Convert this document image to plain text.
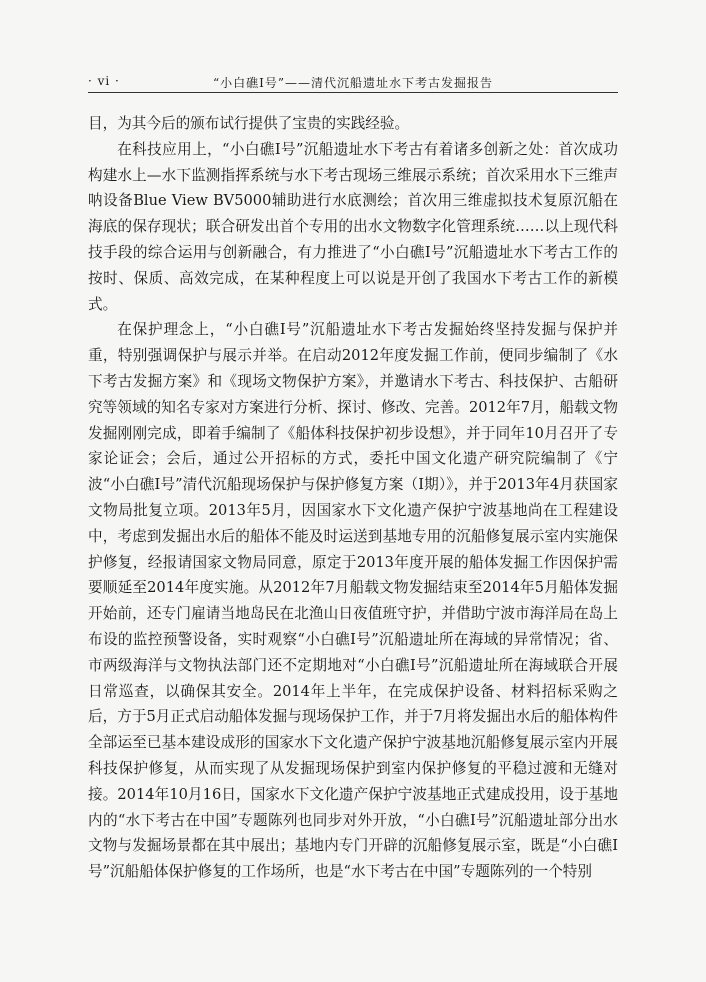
· vi ·	“小白礁Ⅰ号”——清代沉船遗址水下考古发掘报告

目，为其今后的颁布试行提供了宝贵的实践经验。

在科技应用上，“小白礁Ⅰ号”沉船遗址水下考古有着诸多创新之处：首次成功构建水上—水下监测指挥系统与水下考古现场三维展示系统；首次采用水下三维声呐设备Blue View BV5000辅助进行水底测绘；首次用三维虚拟技术复原沉船在海底的保存现状；联合研发出首个专用的出水文物数字化管理系统……以上现代科技手段的综合运用与创新融合，有力推进了“小白礁Ⅰ号”沉船遗址水下考古工作的按时、保质、高效完成，在某种程度上可以说是开创了我国水下考古工作的新模式。

在保护理念上，“小白礁Ⅰ号”沉船遗址水下考古发掘始终坚持发掘与保护并重，特别强调保护与展示并举。在启动2012年度发掘工作前，便同步编制了《水下考古发掘方案》和《现场文物保护方案》，并邀请水下考古、科技保护、古船研究等领域的知名专家对方案进行分析、探讨、修改、完善。2012年7月，船载文物发掘刚刚完成，即着手编制了《船体科技保护初步设想》，并于同年10月召开了专家论证会；会后，通过公开招标的方式，委托中国文化遗产研究院编制了《宁波“小白礁Ⅰ号”清代沉船现场保护与保护修复方案（Ⅰ期）》，并于2013年4月获国家文物局批复立项。2013年5月，因国家水下文化遗产保护宁波基地尚在工程建设中，考虑到发掘出水后的船体不能及时运送到基地专用的沉船修复展示室内实施保护修复，经报请国家文物局同意，原定于2013年度开展的船体发掘工作因保护需要顺延至2014年度实施。从2012年7月船载文物发掘结束至2014年5月船体发掘开始前，还专门雇请当地岛民在北渔山日夜值班守护，并借助宁波市海洋局在岛上布设的监控预警设备，实时观察“小白礁Ⅰ号”沉船遗址所在海域的异常情况；省、市两级海洋与文物执法部门还不定期地对“小白礁Ⅰ号”沉船遗址所在海域联合开展日常巡查，以确保其安全。2014年上半年，在完成保护设备、材料招标采购之后，方于5月正式启动船体发掘与现场保护工作，并于7月将发掘出水后的船体构件全部运至已基本建设成形的国家水下文化遗产保护宁波基地沉船修复展示室内开展科技保护修复，从而实现了从发掘现场保护到室内保护修复的平稳过渡和无缝对接。2014年10月16日，国家水下文化遗产保护宁波基地正式建成投用，设于基地内的“水下考古在中国”专题陈列也同步对外开放，“小白礁Ⅰ号”沉船遗址部分出水文物与发掘场景都在其中展出；基地内专门开辟的沉船修复展示室，既是“小白礁Ⅰ号”沉船船体保护修复的工作场所，也是“水下考古在中国”专题陈列的一个特别
